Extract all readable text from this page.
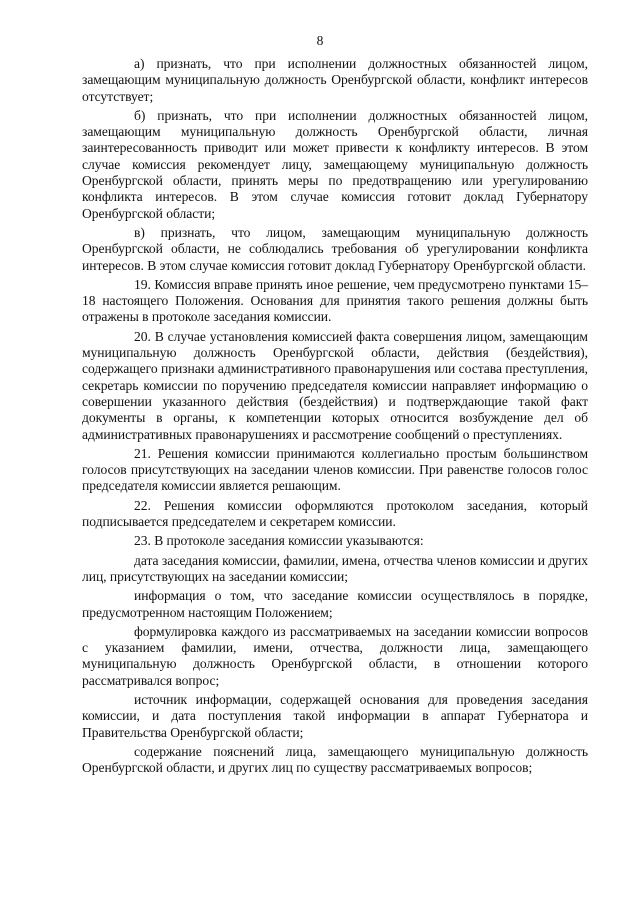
8

а) признать, что при исполнении должностных обязанностей лицом, замещающим муниципальную должность Оренбургской области, конфликт интересов отсутствует;

б) признать, что при исполнении должностных обязанностей лицом, замещающим муниципальную должность Оренбургской области, личная заинтересованность приводит или может привести к конфликту интересов. В этом случае комиссия рекомендует лицу, замещающему муниципальную должность Оренбургской области, принять меры по предотвращению или урегулированию конфликта интересов. В этом случае комиссия готовит доклад Губернатору Оренбургской области;

в) признать, что лицом, замещающим муниципальную должность Оренбургской области, не соблюдались требования об урегулировании конфликта интересов. В этом случае комиссия готовит доклад Губернатору Оренбургской области.

19. Комиссия вправе принять иное решение, чем предусмотрено пунктами 15–18 настоящего Положения. Основания для принятия такого решения должны быть отражены в протоколе заседания комиссии.

20. В случае установления комиссией факта совершения лицом, замещающим муниципальную должность Оренбургской области, действия (бездействия), содержащего признаки административного правонарушения или состава преступления, секретарь комиссии по поручению председателя комиссии направляет информацию о совершении указанного действия (бездействия) и подтверждающие такой факт документы в органы, к компетенции которых относится возбуждение дел об административных правонарушениях и рассмотрение сообщений о преступлениях.

21. Решения комиссии принимаются коллегиально простым большинством голосов присутствующих на заседании членов комиссии. При равенстве голосов голос председателя комиссии является решающим.

22. Решения комиссии оформляются протоколом заседания, который подписывается председателем и секретарем комиссии.

23. В протоколе заседания комиссии указываются:

дата заседания комиссии, фамилии, имена, отчества членов комиссии и других лиц, присутствующих на заседании комиссии;

информация о том, что заседание комиссии осуществлялось в порядке, предусмотренном настоящим Положением;

формулировка каждого из рассматриваемых на заседании комиссии вопросов с указанием фамилии, имени, отчества, должности лица, замещающего муниципальную должность Оренбургской области, в отношении которого рассматривался вопрос;

источник информации, содержащей основания для проведения заседания комиссии, и дата поступления такой информации в аппарат Губернатора и Правительства Оренбургской области;

содержание пояснений лица, замещающего муниципальную должность Оренбургской области, и других лиц по существу рассматриваемых вопросов;
